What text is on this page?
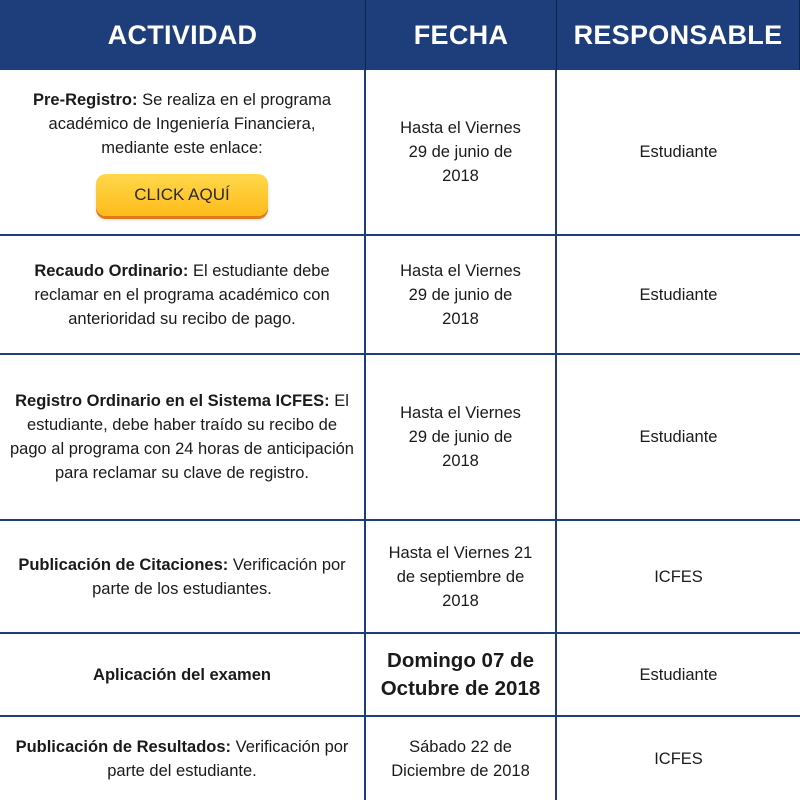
ACTIVIDAD	FECHA	RESPONSABLE
Pre-Registro: Se realiza en el programa académico de Ingeniería Financiera, mediante este enlace:
CLICK AQUÍ
Hasta el Viernes 29 de junio de 2018
Estudiante
Recaudo Ordinario: El estudiante debe reclamar en el programa académico con anterioridad su recibo de pago.
Hasta el Viernes 29 de junio de 2018
Estudiante
Registro Ordinario en el Sistema ICFES: El estudiante, debe haber traído su recibo de pago al programa con 24 horas de anticipación para reclamar su clave de registro.
Hasta el Viernes 29 de junio de 2018
Estudiante
Publicación de Citaciones: Verificación por parte de los estudiantes.
Hasta el Viernes 21 de septiembre de 2018
ICFES
Aplicación del examen
Domingo 07 de Octubre de 2018
Estudiante
Publicación de Resultados: Verificación por parte del estudiante.
Sábado 22 de Diciembre de 2018
ICFES
